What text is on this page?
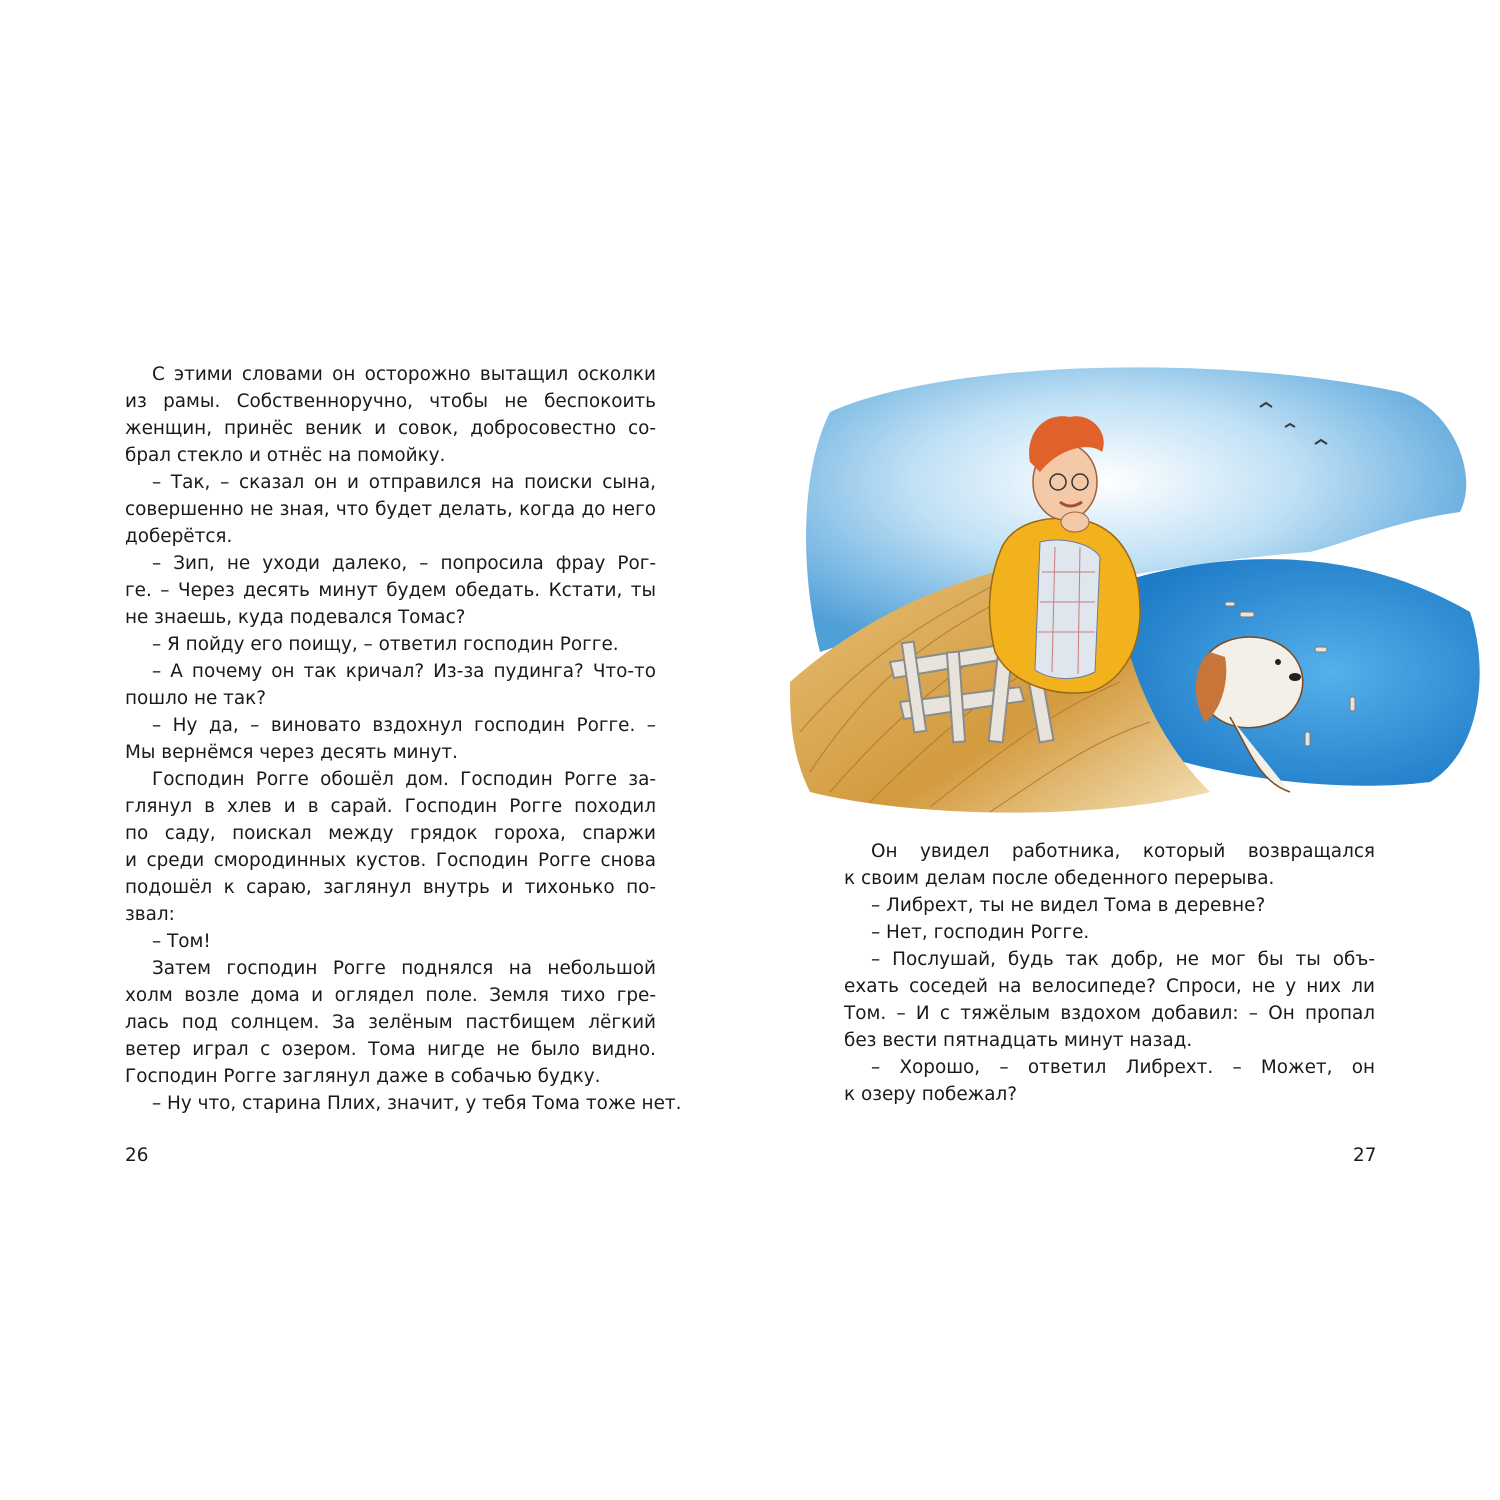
С этими словами он осторожно вытащил осколки
из рамы. Собственноручно, чтобы не беспокоить
женщин, принёс веник и совок, добросовестно со-
брал стекло и отнёс на помойку.
– Так, – сказал он и отправился на поиски сына,
совершенно не зная, что будет делать, когда до него
доберётся.
– Зип, не уходи далеко, – попросила фрау Рог-
ге. – Через десять минут будем обедать. Кстати, ты
не знаешь, куда подевался Томас?
– Я пойду его поищу, – ответил господин Рогге.
– А почему он так кричал? Из-за пудинга? Что-то
пошло не так?
– Ну да, – виновато вздохнул господин Рогге. –
Мы вернёмся через десять минут.
Господин Рогге обошёл дом. Господин Рогге за-
глянул в хлев и в сарай. Господин Рогге походил
по саду, поискал между грядок гороха, спаржи
и среди смородинных кустов. Господин Рогге снова
подошёл к сараю, заглянул внутрь и тихонько по-
звал:
– Том!
Затем господин Рогге поднялся на небольшой
холм возле дома и оглядел поле. Земля тихо гре-
лась под солнцем. За зелёным пастбищем лёгкий
ветер играл с озером. Тома нигде не было видно.
Господин Рогге заглянул даже в собачью будку.
– Ну что, старина Плих, значит, у тебя Тома тоже нет.
26
Он увидел работника, который возвращался
к своим делам после обеденного перерыва.
– Либрехт, ты не видел Тома в деревне?
– Нет, господин Рогге.
– Послушай, будь так добр, не мог бы ты объ-
ехать соседей на велосипеде? Спроси, не у них ли
Том. – И с тяжёлым вздохом добавил: – Он пропал
без вести пятнадцать минут назад.
– Хорошо, – ответил Либрехт. – Может, он
к озеру побежал?
27
